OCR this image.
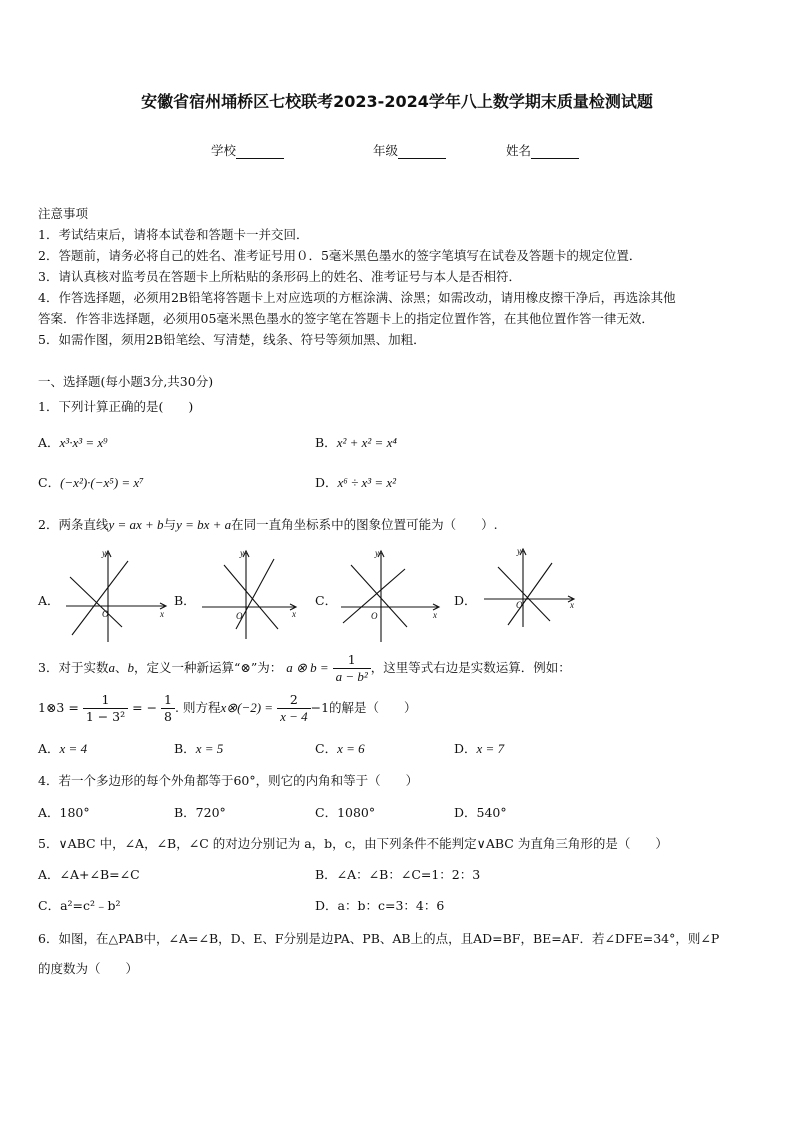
安徽省宿州埇桥区七校联考2023-2024学年八上数学期末质量检测试题
学校	年级	姓名
注意事项
1．考试结束后，请将本试卷和答题卡一并交回．
2．答题前，请务必将自己的姓名、准考证号用０．5毫米黑色墨水的签字笔填写在试卷及答题卡的规定位置．
3．请认真核对监考员在答题卡上所粘贴的条形码上的姓名、准考证号与本人是否相符．
4．作答选择题，必须用2B铅笔将答题卡上对应选项的方框涂满、涂黑；如需改动，请用橡皮擦干净后，再选涂其他
答案．作答非选择题，必须用05毫米黑色墨水的签字笔在答题卡上的指定位置作答，在其他位置作答一律无效．
5．如需作图，须用2B铅笔绘、写清楚，线条、符号等须加黑、加粗．
一、选择题(每小题3分,共30分)
1．下列计算正确的是(　　)
A．x³·x³ = x⁹	B．x² + x² = x⁴
C．(−x²)·(−x⁵) = x⁷	D．x⁶ ÷ x³ = x²
2．两条直线y = ax + b与y = bx + a在同一直角坐标系中的图象位置可能为（　　）.
A．
y
x
O
B．
y
x
O
C．
y
x
O
D．
y
x
O
3．对于实数a、b，定义一种新运算“⊗”为： a ⊗ $b = \frac{1}{\text{a − b²}}$ ，这里等式右边是实数运算．例如：
1⊗3 = $\frac{1}{\text{1 − 3²}}$ = − $\frac{1}{8}$ . 则方程x⊗(−2) = $\frac{2}{x - 4} -1$的解是（　　）
A．x = 4	B．x = 5	C．x = 6	D．x = 7
4．若一个多边形的每个外角都等于60°，则它的内角和等于（　　）
A．180°	B．720°	C．1080°	D．540°
5．∨ABC 中，∠A，∠B，∠C 的对边分别记为 a，b，c，由下列条件不能判定∨ABC 为直角三角形的是（　　）
A．∠A+∠B=∠C	B．∠A：∠B：∠C=1：2：3
C．a²=c²﹣b²	D．a：b：c=3：4：6
6．如图，在△PAB中，∠A=∠B，D、E、F分别是边PA、PB、AB上的点，且AD=BF，BE=AF．若∠DFE=34°，则∠P
的度数为（　　）
